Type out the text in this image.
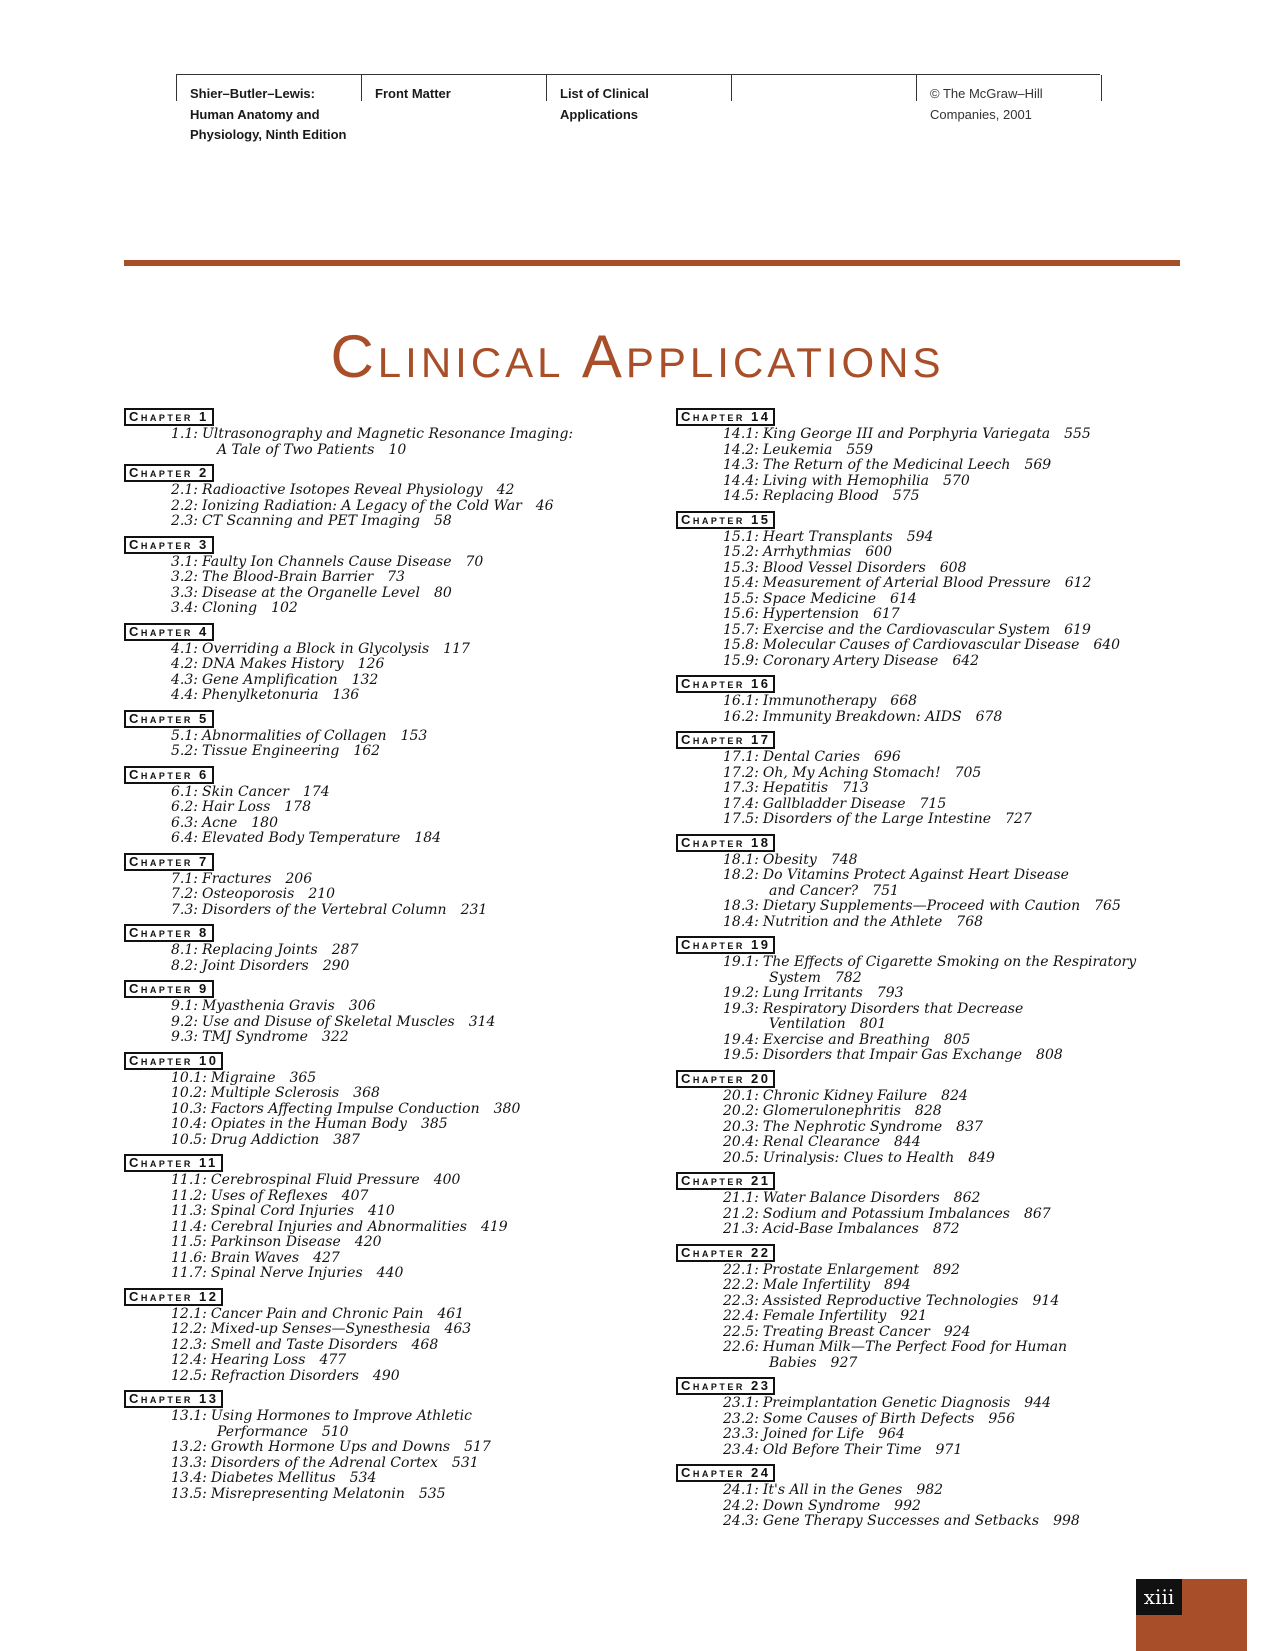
Shier–Butler–Lewis:
Human Anatomy and
Physiology, Ninth Edition
Front Matter	List of Clinical
Applications
© The McGraw–Hill
Companies, 2001
Clinical Applications
Chapter 1
1.1: Ultrasonography and Magnetic Resonance Imaging:
A Tale of Two Patients 10
Chapter 2
2.1: Radioactive Isotopes Reveal Physiology 42
2.2: Ionizing Radiation: A Legacy of the Cold War 46
2.3: CT Scanning and PET Imaging 58
Chapter 3
3.1: Faulty Ion Channels Cause Disease 70
3.2: The Blood-Brain Barrier 73
3.3: Disease at the Organelle Level 80
3.4: Cloning 102
Chapter 4
4.1: Overriding a Block in Glycolysis 117
4.2: DNA Makes History 126
4.3: Gene Amplification 132
4.4: Phenylketonuria 136
Chapter 5
5.1: Abnormalities of Collagen 153
5.2: Tissue Engineering 162
Chapter 6
6.1: Skin Cancer 174
6.2: Hair Loss 178
6.3: Acne 180
6.4: Elevated Body Temperature 184
Chapter 7
7.1: Fractures 206
7.2: Osteoporosis 210
7.3: Disorders of the Vertebral Column 231
Chapter 8
8.1: Replacing Joints 287
8.2: Joint Disorders 290
Chapter 9
9.1: Myasthenia Gravis 306
9.2: Use and Disuse of Skeletal Muscles 314
9.3: TMJ Syndrome 322
Chapter 10
10.1: Migraine 365
10.2: Multiple Sclerosis 368
10.3: Factors Affecting Impulse Conduction 380
10.4: Opiates in the Human Body 385
10.5: Drug Addiction 387
Chapter 11
11.1: Cerebrospinal Fluid Pressure 400
11.2: Uses of Reflexes 407
11.3: Spinal Cord Injuries 410
11.4: Cerebral Injuries and Abnormalities 419
11.5: Parkinson Disease 420
11.6: Brain Waves 427
11.7: Spinal Nerve Injuries 440
Chapter 12
12.1: Cancer Pain and Chronic Pain 461
12.2: Mixed-up Senses—Synesthesia 463
12.3: Smell and Taste Disorders 468
12.4: Hearing Loss 477
12.5: Refraction Disorders 490
Chapter 13
13.1: Using Hormones to Improve Athletic
Performance 510
13.2: Growth Hormone Ups and Downs 517
13.3: Disorders of the Adrenal Cortex 531
13.4: Diabetes Mellitus 534
13.5: Misrepresenting Melatonin 535
Chapter 14
14.1: King George III and Porphyria Variegata 555
14.2: Leukemia 559
14.3: The Return of the Medicinal Leech 569
14.4: Living with Hemophilia 570
14.5: Replacing Blood 575
Chapter 15
15.1: Heart Transplants 594
15.2: Arrhythmias 600
15.3: Blood Vessel Disorders 608
15.4: Measurement of Arterial Blood Pressure 612
15.5: Space Medicine 614
15.6: Hypertension 617
15.7: Exercise and the Cardiovascular System 619
15.8: Molecular Causes of Cardiovascular Disease 640
15.9: Coronary Artery Disease 642
Chapter 16
16.1: Immunotherapy 668
16.2: Immunity Breakdown: AIDS 678
Chapter 17
17.1: Dental Caries 696
17.2: Oh, My Aching Stomach! 705
17.3: Hepatitis 713
17.4: Gallbladder Disease 715
17.5: Disorders of the Large Intestine 727
Chapter 18
18.1: Obesity 748
18.2: Do Vitamins Protect Against Heart Disease
and Cancer? 751
18.3: Dietary Supplements—Proceed with Caution 765
18.4: Nutrition and the Athlete 768
Chapter 19
19.1: The Effects of Cigarette Smoking on the Respiratory
System 782
19.2: Lung Irritants 793
19.3: Respiratory Disorders that Decrease
Ventilation 801
19.4: Exercise and Breathing 805
19.5: Disorders that Impair Gas Exchange 808
Chapter 20
20.1: Chronic Kidney Failure 824
20.2: Glomerulonephritis 828
20.3: The Nephrotic Syndrome 837
20.4: Renal Clearance 844
20.5: Urinalysis: Clues to Health 849
Chapter 21
21.1: Water Balance Disorders 862
21.2: Sodium and Potassium Imbalances 867
21.3: Acid-Base Imbalances 872
Chapter 22
22.1: Prostate Enlargement 892
22.2: Male Infertility 894
22.3: Assisted Reproductive Technologies 914
22.4: Female Infertility 921
22.5: Treating Breast Cancer 924
22.6: Human Milk—The Perfect Food for Human
Babies 927
Chapter 23
23.1: Preimplantation Genetic Diagnosis 944
23.2: Some Causes of Birth Defects 956
23.3: Joined for Life 964
23.4: Old Before Their Time 971
Chapter 24
24.1: It's All in the Genes 982
24.2: Down Syndrome 992
24.3: Gene Therapy Successes and Setbacks 998
xiii
